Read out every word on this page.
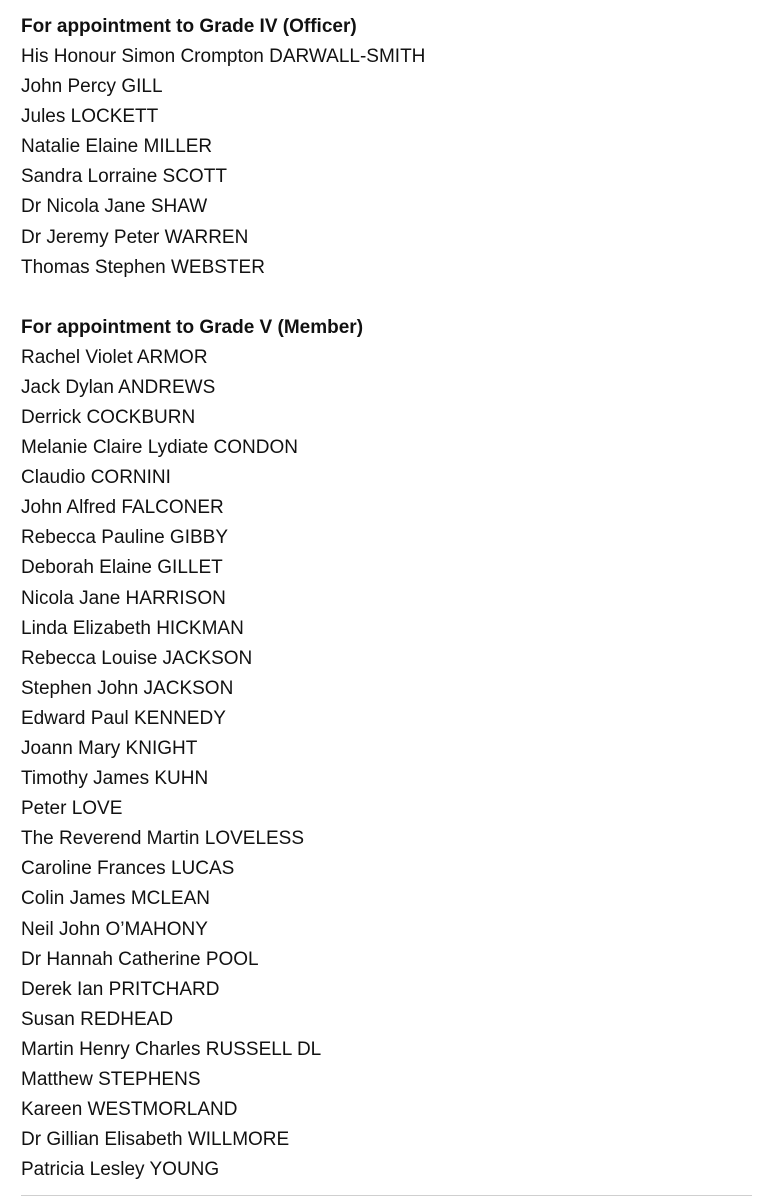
For appointment to Grade IV (Officer)
His Honour Simon Crompton DARWALL-SMITH
John Percy GILL
Jules LOCKETT
Natalie Elaine MILLER
Sandra Lorraine SCOTT
Dr Nicola Jane SHAW
Dr Jeremy Peter WARREN
Thomas Stephen WEBSTER
For appointment to Grade V (Member)
Rachel Violet ARMOR
Jack Dylan ANDREWS
Derrick COCKBURN
Melanie Claire Lydiate CONDON
Claudio CORNINI
John Alfred FALCONER
Rebecca Pauline GIBBY
Deborah Elaine GILLET
Nicola Jane HARRISON
Linda Elizabeth HICKMAN
Rebecca Louise JACKSON
Stephen John JACKSON
Edward Paul KENNEDY
Joann Mary KNIGHT
Timothy James KUHN
Peter LOVE
The Reverend Martin LOVELESS
Caroline Frances LUCAS
Colin James MCLEAN
Neil John O’MAHONY
Dr Hannah Catherine POOL
Derek Ian PRITCHARD
Susan REDHEAD
Martin Henry Charles RUSSELL DL
Matthew STEPHENS
Kareen WESTMORLAND
Dr Gillian Elisabeth WILLMORE
Patricia Lesley YOUNG
